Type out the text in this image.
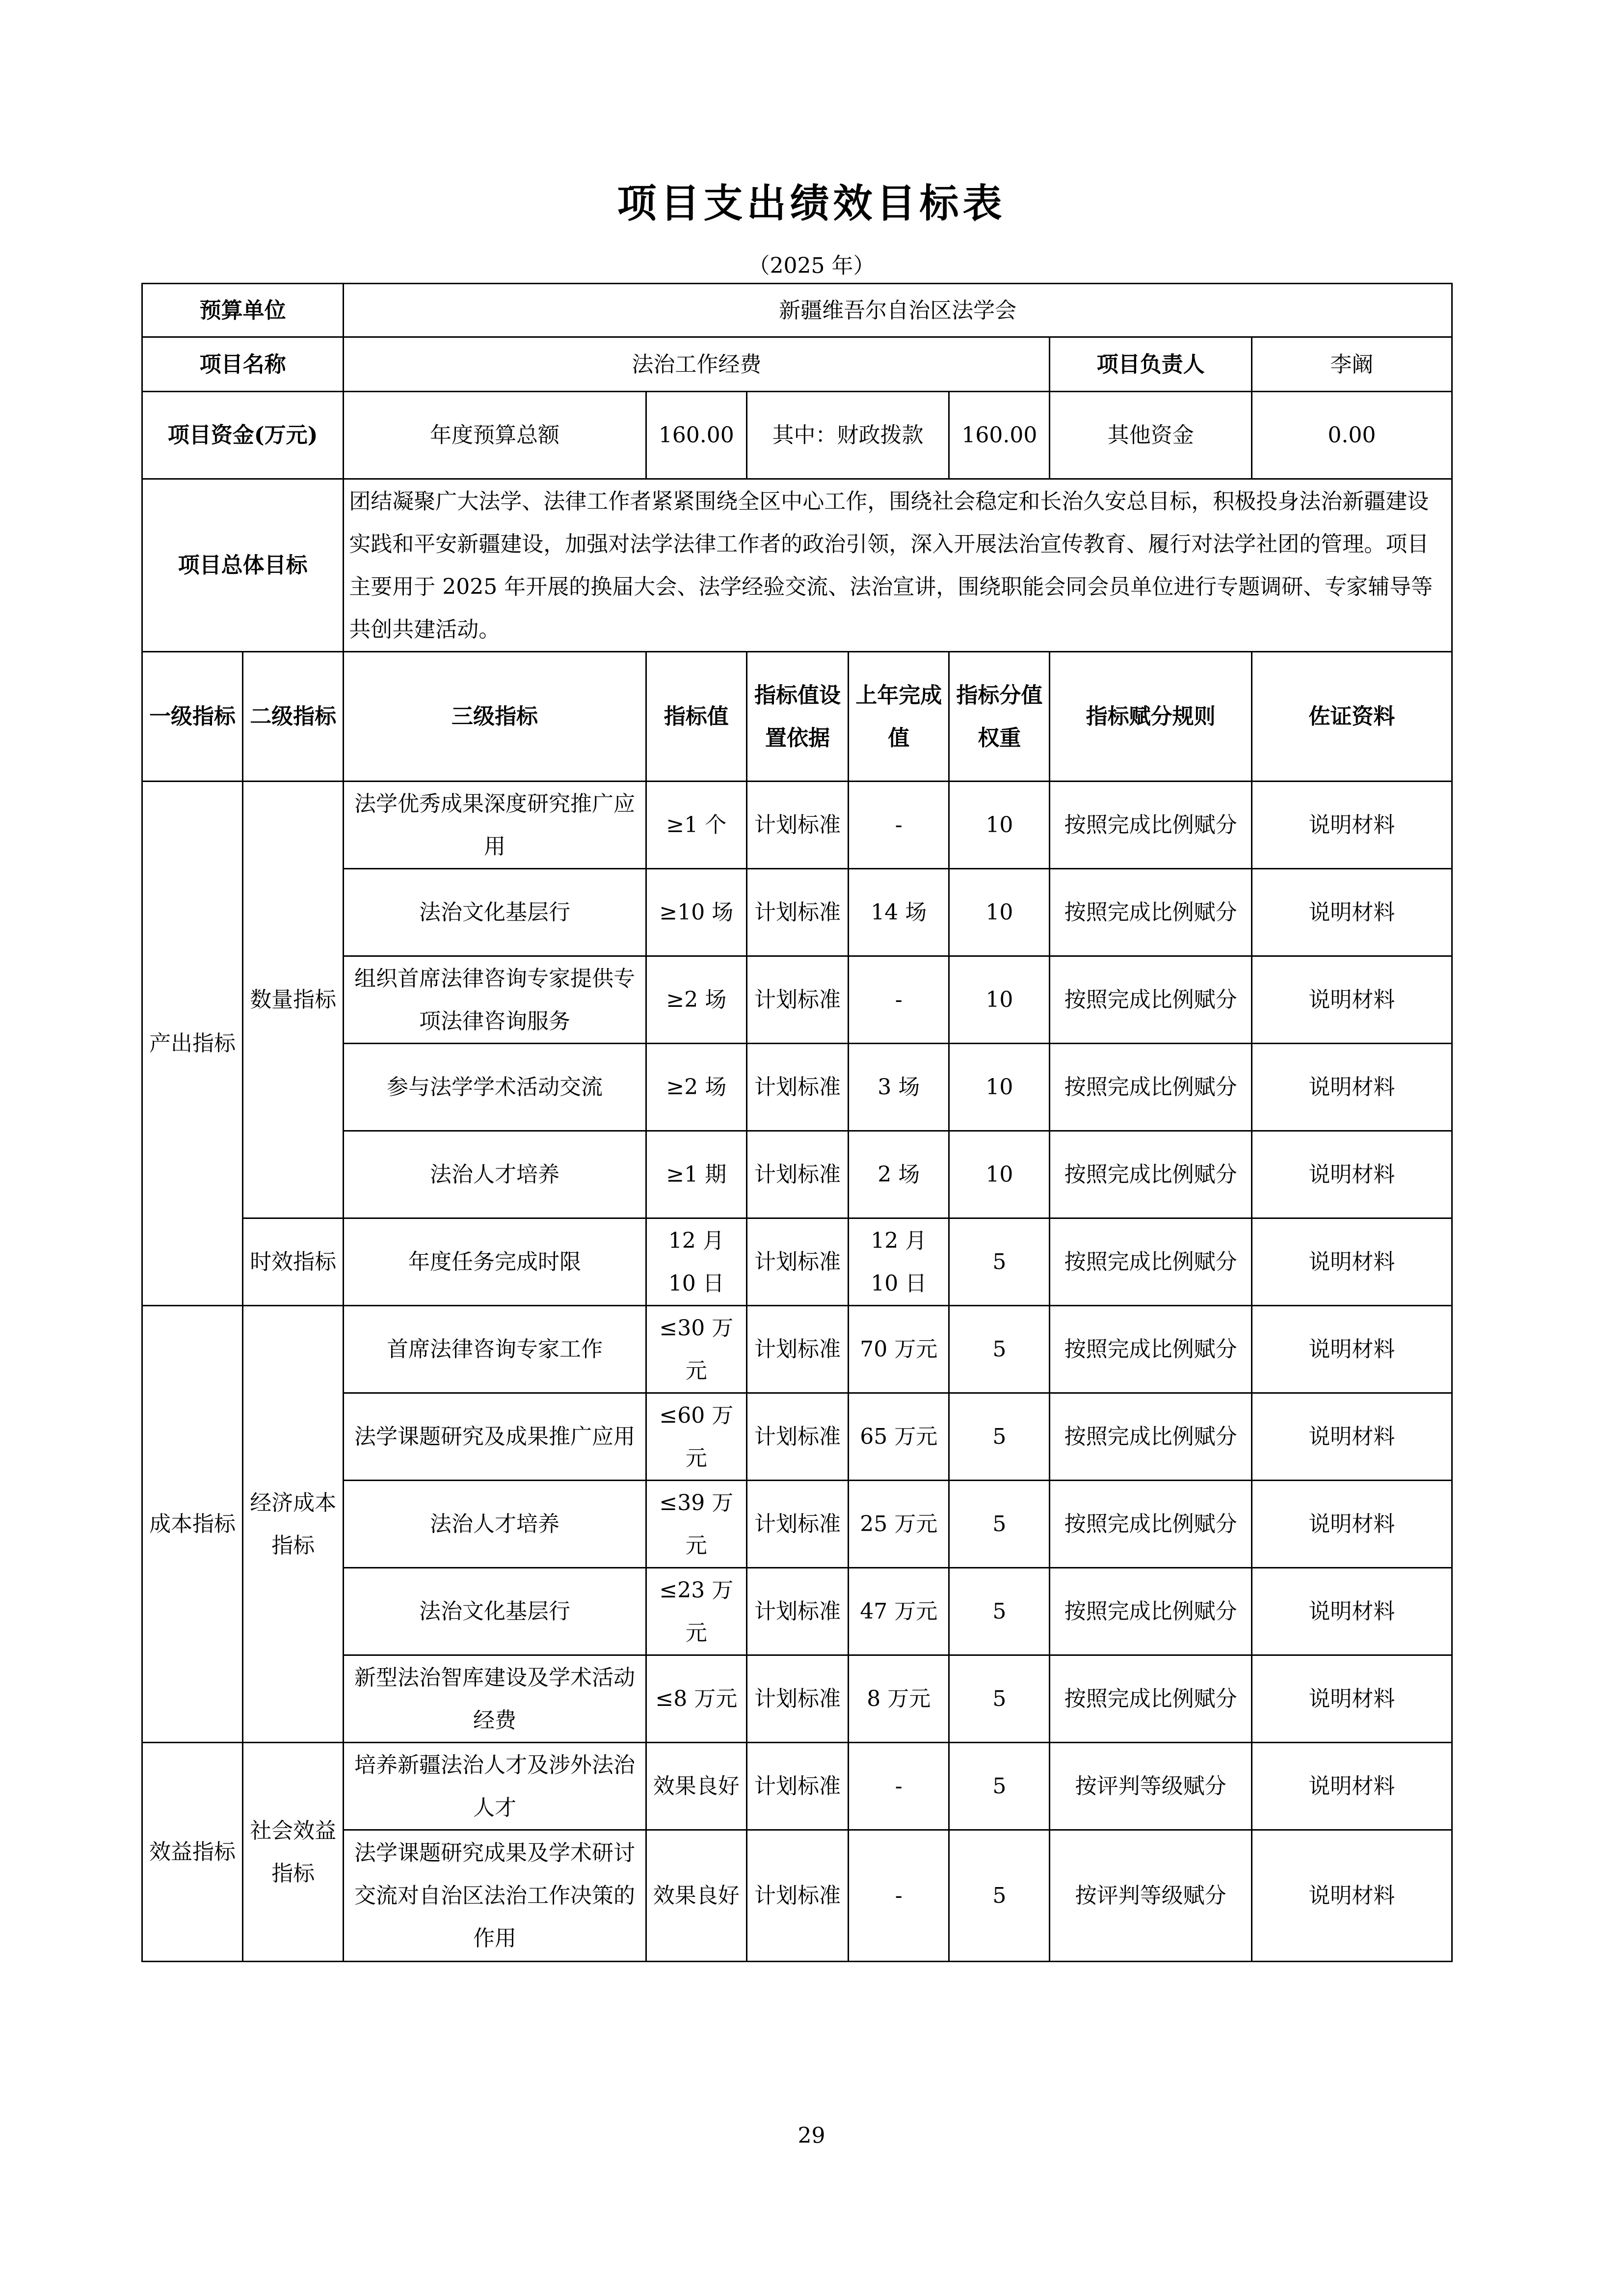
项目支出绩效目标表
（2025 年）
预算单位		新疆维吾尔自治区法学会						
项目名称		法治工作经费					项目负责人	李阚
项目资金(万元)		年度预算总额	160.00	其中：财政拨款		160.00	其他资金	0.00
项目总体目标		团结凝聚广大法学、法律工作者紧紧围绕全区中心工作，围绕社会稳定和长治久安总目标，积极投身法治新疆建设实践和平安新疆建设，加强对法学法律工作者的政治引领，深入开展法治宣传教育、履行对法学社团的管理。项目主要用于 2025 年开展的换届大会、法学经验交流、法治宣讲，围绕职能会同会员单位进行专题调研、专家辅导等共创共建活动。						
一级指标	二级指标	三级指标	指标值	指标值设置依据	上年完成值	指标分值权重	指标赋分规则	佐证资料
产出指标	数量指标	法学优秀成果深度研究推广应用	≥1 个	计划标准	-	10	按照完成比例赋分	说明材料
		法治文化基层行	≥10 场	计划标准	14 场	10	按照完成比例赋分	说明材料
		组织首席法律咨询专家提供专项法律咨询服务	≥2 场	计划标准	-	10	按照完成比例赋分	说明材料
		参与法学学术活动交流	≥2 场	计划标准	3 场	10	按照完成比例赋分	说明材料
		法治人才培养	≥1 期	计划标准	2 场	10	按照完成比例赋分	说明材料
	时效指标	年度任务完成时限	12 月 10 日	计划标准	12 月 10 日	5	按照完成比例赋分	说明材料
成本指标	经济成本指标	首席法律咨询专家工作	≤30 万元	计划标准	70 万元	5	按照完成比例赋分	说明材料
		法学课题研究及成果推广应用	≤60 万元	计划标准	65 万元	5	按照完成比例赋分	说明材料
		法治人才培养	≤39 万元	计划标准	25 万元	5	按照完成比例赋分	说明材料
		法治文化基层行	≤23 万元	计划标准	47 万元	5	按照完成比例赋分	说明材料
		新型法治智库建设及学术活动经费	≤8 万元	计划标准	8 万元	5	按照完成比例赋分	说明材料
效益指标	社会效益指标	培养新疆法治人才及涉外法治人才	效果良好	计划标准	-	5	按评判等级赋分	说明材料
		法学课题研究成果及学术研讨交流对自治区法治工作决策的作用	效果良好	计划标准	-	5	按评判等级赋分	说明材料
29
